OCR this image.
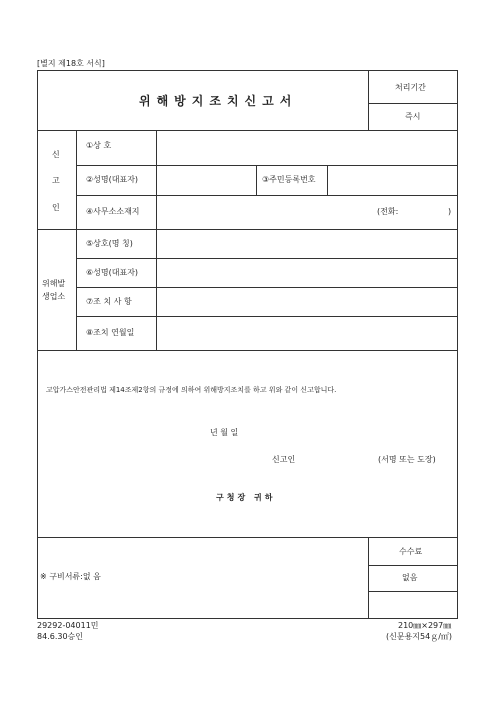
[별지 제18호 서식]
위해방지조치신고서
처리기간
즉시
신
고
인
①상 호
②성명(대표자)	③주민등록번호
④사무소소재지	(전화:	)
위해발
생업소
⑤상호(명 칭)
⑥성명(대표자)
⑦조 치 사 항
⑧조치 연월일
고압가스안전관리법 제14조제2항의 규정에 의하여 위해방지조치를 하고 위와 같이 신고합니다.
년 월 일
신고인	(서명 또는 도장)
구청장 귀하
※ 구비서류:없 음
수수료
없음
29292-04011민
84.6.30승인
210㎜×297㎜
(신문용지54ｇ/㎡)
